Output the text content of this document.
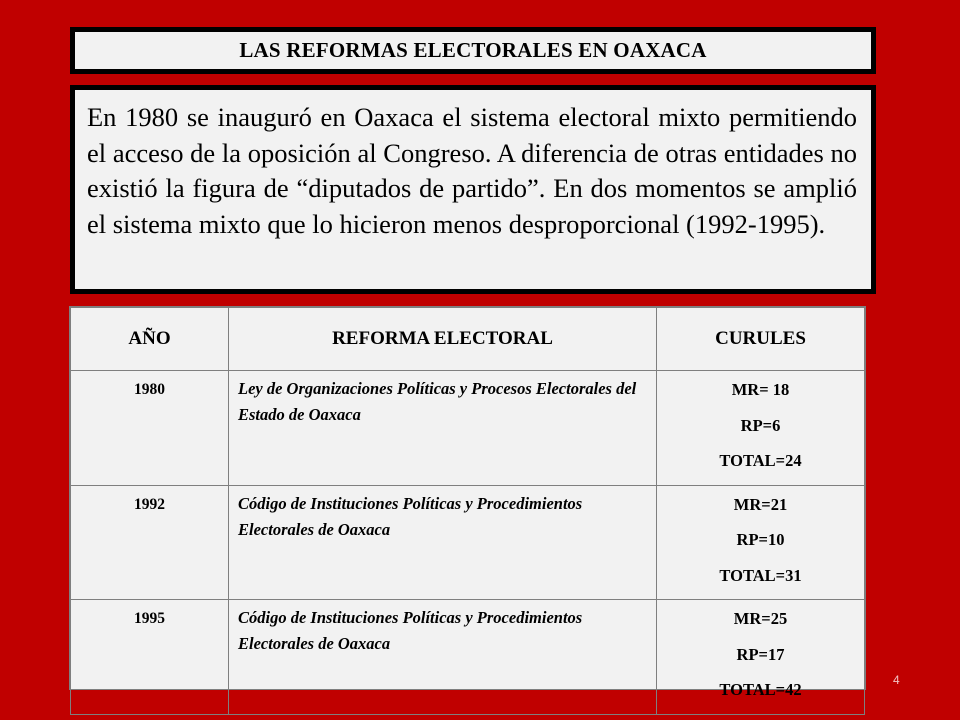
LAS REFORMAS ELECTORALES EN OAXACA

En 1980 se inauguró en Oaxaca el sistema electoral mixto permitiendo el acceso de la oposición al Congreso. A diferencia de otras entidades no existió la figura de “diputados de partido”. En dos momentos se amplió el sistema mixto que lo hicieron menos desproporcional (1992-1995).

AÑO	REFORMA ELECTORAL	CURULES
1980	Ley de Organizaciones Políticas y Procesos Electorales del Estado de Oaxaca	MR= 18
RP=6
TOTAL=24

1992	Código de Instituciones Políticas y Procedimientos Electorales de Oaxaca	MR=21
RP=10
TOTAL=31

1995	Código de Instituciones Políticas y Procedimientos Electorales de Oaxaca	MR=25
RP=17
TOTAL=42	4
